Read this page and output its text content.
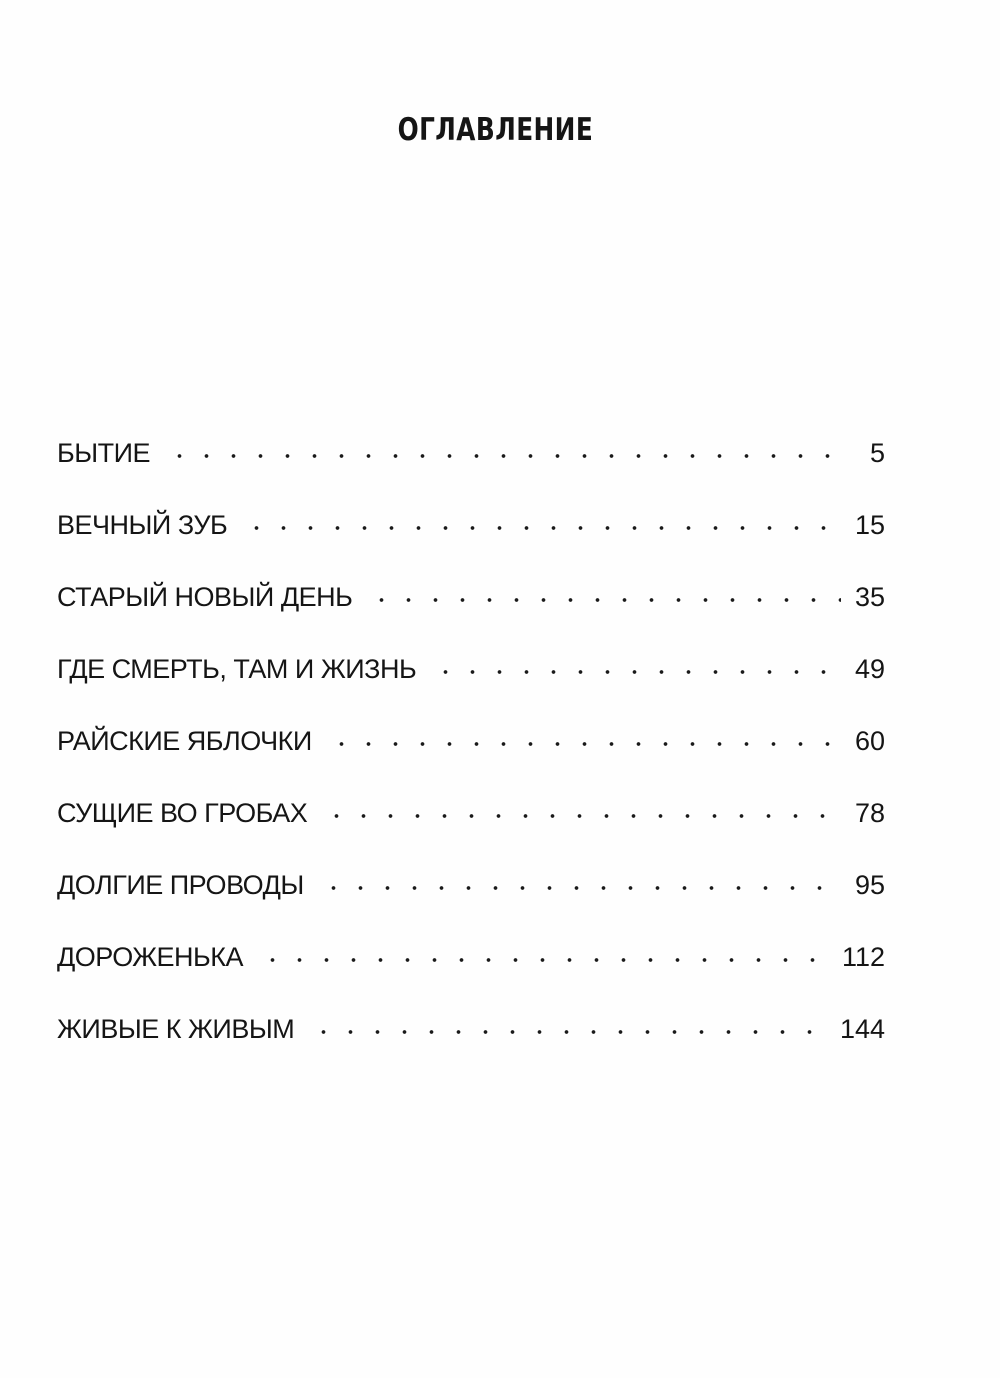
ОГЛАВЛЕНИЕ
БЫТИЕ	5
ВЕЧНЫЙ ЗУБ	15
СТАРЫЙ НОВЫЙ ДЕНЬ	35
ГДЕ СМЕРТЬ, ТАМ И ЖИЗНЬ	49
РАЙСКИЕ ЯБЛОЧКИ	60
СУЩИЕ ВО ГРОБАХ	78
ДОЛГИЕ ПРОВОДЫ	95
ДОРОЖЕНЬКА	112
ЖИВЫЕ К ЖИВЫМ	144
